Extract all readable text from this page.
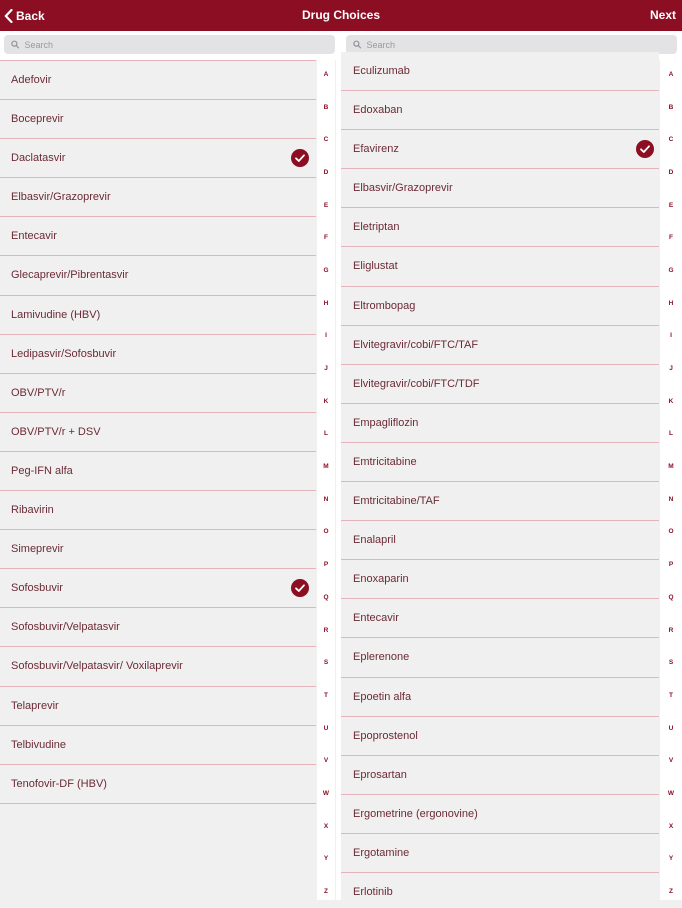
Back	Drug Choices	Next
Search
Search
Adefovir
Boceprevir
Daclatasvir
Elbasvir/Grazoprevir
Entecavir
Glecaprevir/Pibrentasvir
Lamivudine (HBV)
Ledipasvir/Sofosbuvir
OBV/PTV/r
OBV/PTV/r + DSV
Peg-IFN alfa
Ribavirin
Simeprevir
Sofosbuvir
Sofosbuvir/Velpatasvir
Sofosbuvir/Velpatasvir/ Voxilaprevir
Telaprevir
Telbivudine
Tenofovir-DF (HBV)
A
B
C
D
E
F
G
H
I
J
K
L
M
N
O
P
Q
R
S
T
U
V
W
X
Y
Z
Eculizumab
Edoxaban
Efavirenz
Elbasvir/Grazoprevir
Eletriptan
Eliglustat
Eltrombopag
Elvitegravir/cobi/FTC/TAF
Elvitegravir/cobi/FTC/TDF
Empagliflozin
Emtricitabine
Emtricitabine/TAF
Enalapril
Enoxaparin
Entecavir
Eplerenone
Epoetin alfa
Epoprostenol
Eprosartan
Ergometrine (ergonovine)
Ergotamine
Erlotinib
A
B
C
D
E
F
G
H
I
J
K
L
M
N
O
P
Q
R
S
T
U
V
W
X
Y
Z
